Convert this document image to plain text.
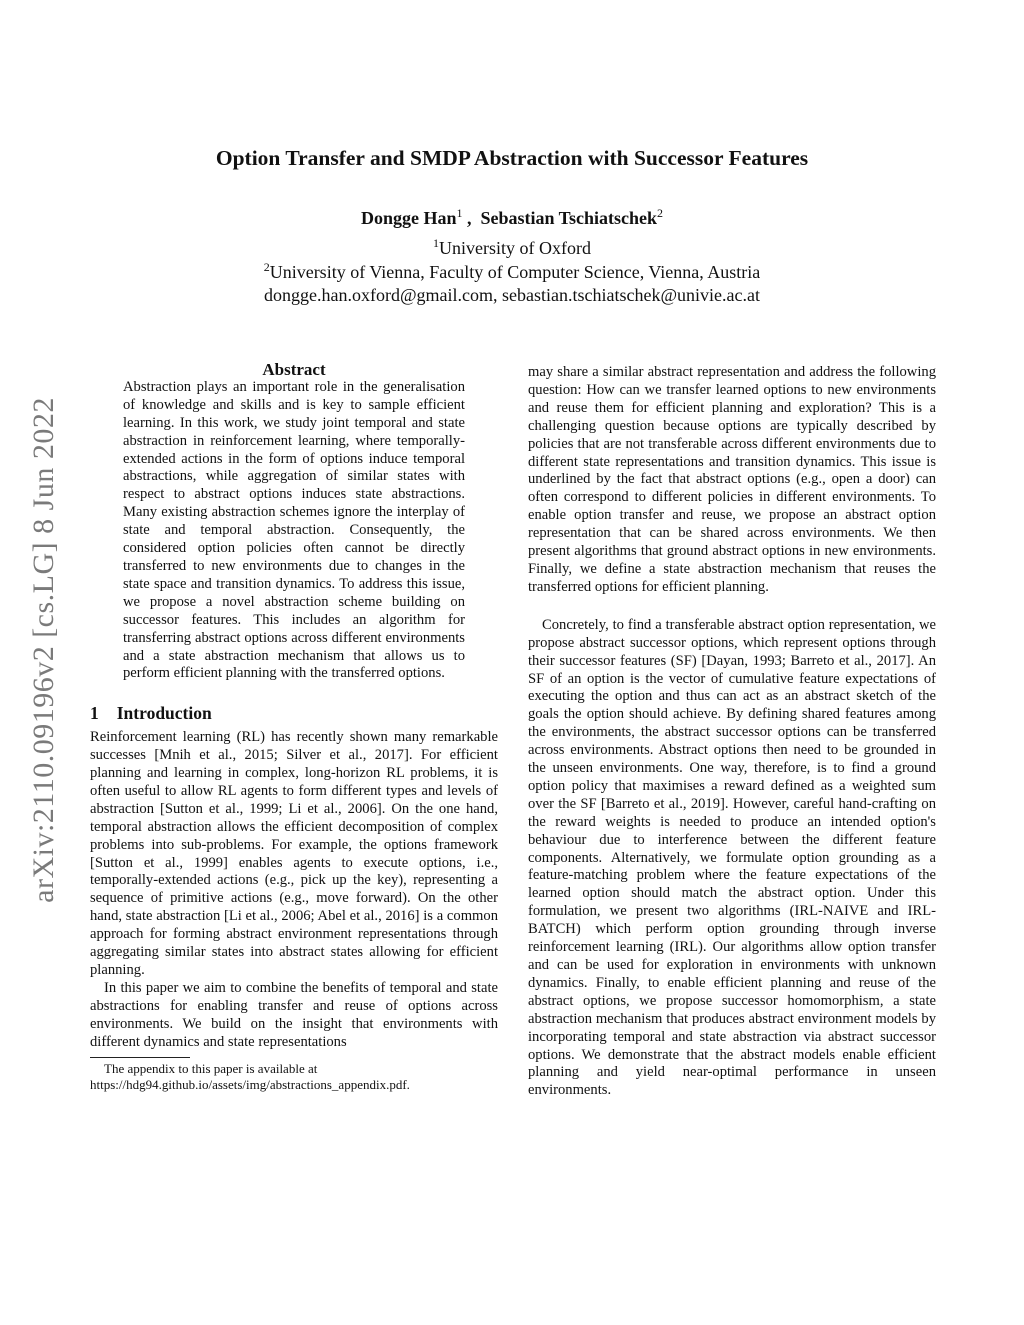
arXiv:2110.09196v2 [cs.LG] 8 Jun 2022
Option Transfer and SMDP Abstraction with Successor Features
Dongge Han$^1$ ,  Sebastian Tschiatschek$^2$
$^1$University of Oxford
$^2$University of Vienna, Faculty of Computer Science, Vienna, Austria
dongge.han.oxford@gmail.com, sebastian.tschiatschek@univie.ac.at

Abstract

Abstraction plays an important role in the generalisation of knowledge and skills and is key to sample efficient learning. In this work, we study joint temporal and state abstraction in reinforcement learning, where temporally-extended actions in the form of options induce temporal abstractions, while aggregation of similar states with respect to abstract options induces state abstractions. Many existing abstraction schemes ignore the interplay of state and temporal abstraction. Consequently, the considered option policies often cannot be directly transferred to new environments due to changes in the state space and transition dynamics. To address this issue, we propose a novel abstraction scheme building on successor features. This includes an algorithm for transferring abstract options across different environments and a state abstraction mechanism that allows us to perform efficient planning with the transferred options.

1 Introduction

Reinforcement learning (RL) has recently shown many remarkable successes [Mnih et al., 2015; Silver et al., 2017]. For efficient planning and learning in complex, long-horizon RL problems, it is often useful to allow RL agents to form different types and levels of abstraction [Sutton et al., 1999; Li et al., 2006]. On the one hand, temporal abstraction allows the efficient decomposition of complex problems into sub-problems. For example, the options framework [Sutton et al., 1999] enables agents to execute options, i.e., temporally-extended actions (e.g., pick up the key), representing a sequence of primitive actions (e.g., move forward). On the other hand, state abstraction [Li et al., 2006; Abel et al., 2016] is a common approach for forming abstract environment representations through aggregating similar states into abstract states allowing for efficient planning.

In this paper we aim to combine the benefits of temporal and state abstractions for enabling transfer and reuse of options across environments. We build on the insight that environments with different dynamics and state representations

The appendix to this paper is available at https://hdg94.github.io/assets/img/abstractions_appendix.pdf.

may share a similar abstract representation and address the following question: How can we transfer learned options to new environments and reuse them for efficient planning and exploration? This is a challenging question because options are typically described by policies that are not transferable across different environments due to different state representations and transition dynamics. This issue is underlined by the fact that abstract options (e.g., open a door) can often correspond to different policies in different environments. To enable option transfer and reuse, we propose an abstract option representation that can be shared across environments. We then present algorithms that ground abstract options in new environments. Finally, we define a state abstraction mechanism that reuses the transferred options for efficient planning.

Concretely, to find a transferable abstract option representation, we propose abstract successor options, which represent options through their successor features (SF) [Dayan, 1993; Barreto et al., 2017]. An SF of an option is the vector of cumulative feature expectations of executing the option and thus can act as an abstract sketch of the goals the option should achieve. By defining shared features among the environments, the abstract successor options can be transferred across environments. Abstract options then need to be grounded in the unseen environments. One way, therefore, is to find a ground option policy that maximises a reward defined as a weighted sum over the SF [Barreto et al., 2019]. However, careful hand-crafting on the reward weights is needed to produce an intended option's behaviour due to interference between the different feature components. Alternatively, we formulate option grounding as a feature-matching problem where the feature expectations of the learned option should match the abstract option. Under this formulation, we present two algorithms (IRL-NAIVE and IRL-BATCH) which perform option grounding through inverse reinforcement learning (IRL). Our algorithms allow option transfer and can be used for exploration in environments with unknown dynamics. Finally, to enable efficient planning and reuse of the abstract options, we propose successor homomorphism, a state abstraction mechanism that produces abstract environment models by incorporating temporal and state abstraction via abstract successor options. We demonstrate that the abstract models enable efficient planning and yield near-optimal performance in unseen environments.
